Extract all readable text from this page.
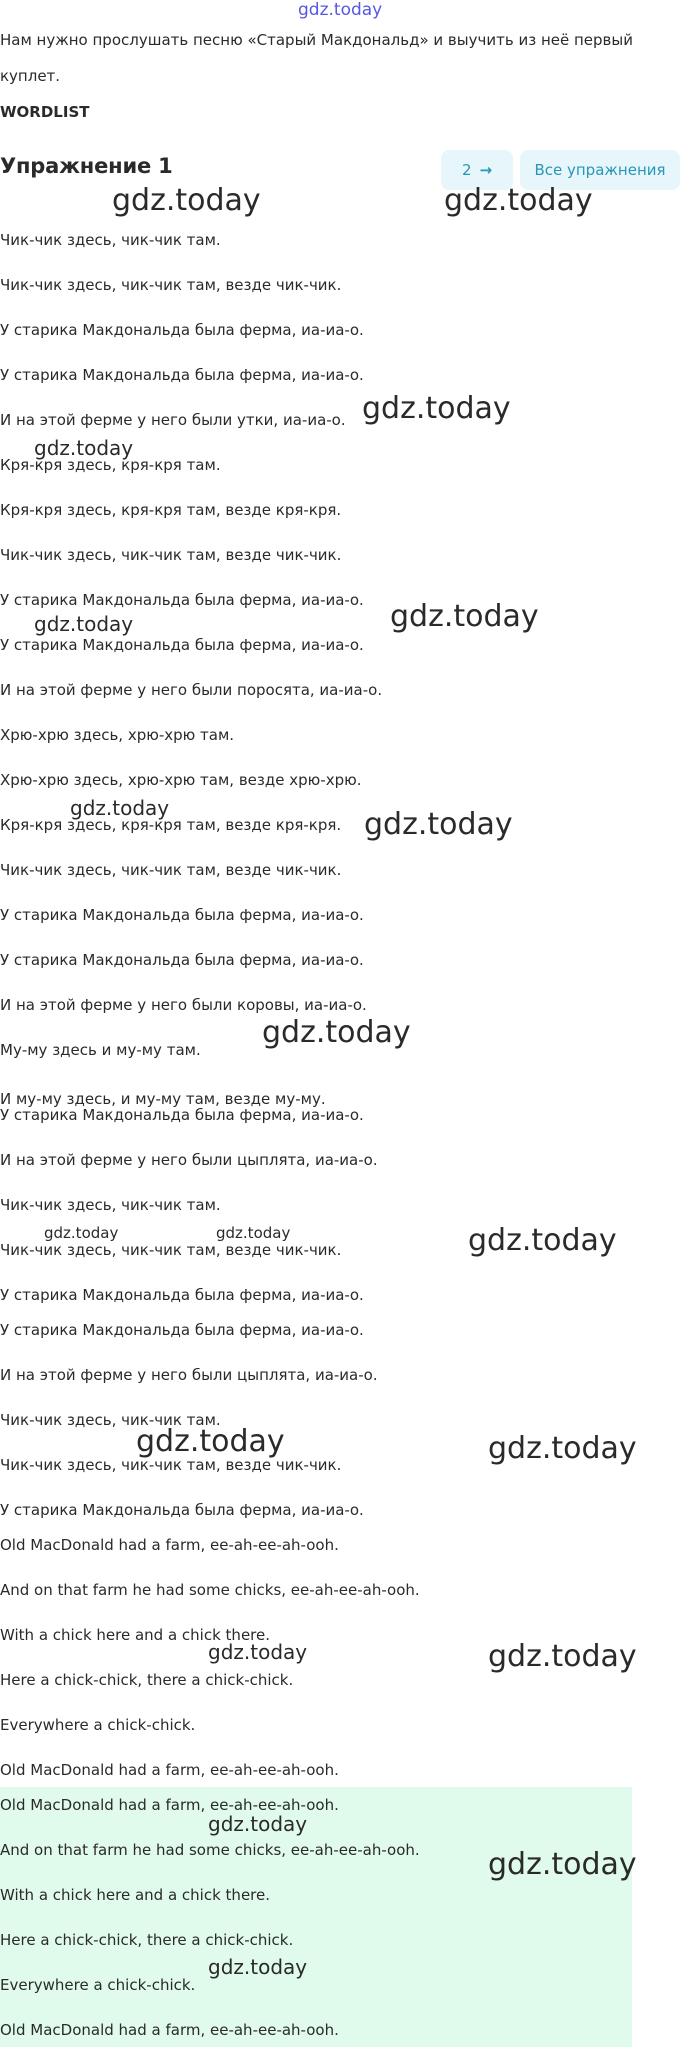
gdz.today

Нам нужно прослушать песню «Старый Макдональд» и выучить из неё первый куплет.

WORDLIST
Упражнение 1	2 →	Все упражнения

Чик-чик здесь, чик-чик там.

Чик-чик здесь, чик-чик там, везде чик-чик.

У старика Макдональда была ферма, иа-иа-о.

У старика Макдональда была ферма, иа-иа-о.

И на этой ферме у него были утки, иа-иа-о.

Кря-кря здесь, кря-кря там.

Кря-кря здесь, кря-кря там, везде кря-кря.

Чик-чик здесь, чик-чик там, везде чик-чик.

У старика Макдональда была ферма, иа-иа-о.

У старика Макдональда была ферма, иа-иа-о.

И на этой ферме у него были поросята, иа-иа-о.

Хрю-хрю здесь, хрю-хрю там.

Хрю-хрю здесь, хрю-хрю там, везде хрю-хрю.

Кря-кря здесь, кря-кря там, везде кря-кря.

Чик-чик здесь, чик-чик там, везде чик-чик.

У старика Макдональда была ферма, иа-иа-о.

У старика Макдональда была ферма, иа-иа-о.

И на этой ферме у него были коровы, иа-иа-о.

Му-му здесь и му-му там.

И му-му здесь, и му-му там, везде му-му.

У старика Макдональда была ферма, иа-иа-о.

И на этой ферме у него были цыплята, иа-иа-о.

Чик-чик здесь, чик-чик там.

Чик-чик здесь, чик-чик там, везде чик-чик.

У старика Макдональда была ферма, иа-иа-о.

У старика Макдональда была ферма, иа-иа-о.

И на этой ферме у него были цыплята, иа-иа-о.

Чик-чик здесь, чик-чик там.

Чик-чик здесь, чик-чик там, везде чик-чик.

У старика Макдональда была ферма, иа-иа-о.

Old MacDonald had a farm, ee-ah-ee-ah-ooh.

And on that farm he had some chicks, ee-ah-ee-ah-ooh.

With a chick here and a chick there.

Here a chick-chick, there a chick-chick.

Everywhere a chick-chick.

Old MacDonald had a farm, ee-ah-ee-ah-ooh.

Old MacDonald had a farm, ee-ah-ee-ah-ooh.

And on that farm he had some chicks, ee-ah-ee-ah-ooh.

With a chick here and a chick there.

Here a chick-chick, there a chick-chick.

Everywhere a chick-chick.

Old MacDonald had a farm, ee-ah-ee-ah-ooh.

gdz.today	gdz.today
gdz.today
gdz.today
gdz.today
gdz.today
gdz.today	gdz.today
gdz.today
gdz.today	gdz.today	gdz.today
gdz.today	gdz.today
gdz.today	gdz.today
gdz.today
gdz.today
gdz.today
